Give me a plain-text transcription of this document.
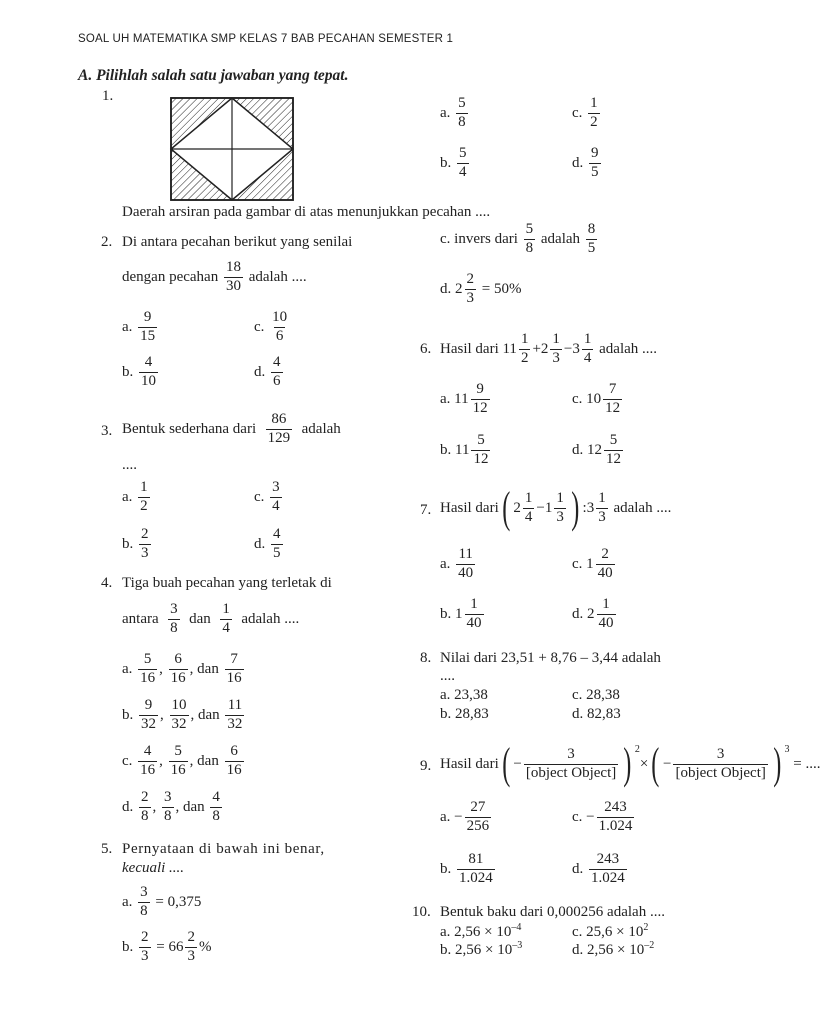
SOAL UH MATEMATIKA SMP KELAS 7 BAB PECAHAN SEMESTER 1
A. Pilihlah salah satu jawaban yang tepat.
1.
Daerah arsiran pada gambar di atas menunjukkan pecahan ....
2. Di antara pecahan berikut yang senilai
dengan pecahan
$\frac{18}{30}$
adalah ....
a.
$\frac{9}{15}$
b.
$\frac{4}{10}$
c.
$\frac{10}{6}$
d.
$\frac{4}{6}$
3. Bentuk sederhana dari
$\frac{86}{129}$
adalah
....
a.
$\frac{1}{2}$
b.
$\frac{2}{3}$
c.
$\frac{3}{4}$
d.
$\frac{4}{5}$
4. Tiga buah pecahan yang terletak di
antara
$\frac{3}{8}$
dan
$\frac{1}{4}$
adalah ....
a.
$\frac{5}{16}$ ,
$\frac{6}{16}$ , dan
$\frac{7}{16}$
b.
$\frac{9}{32}$ ,
$\frac{10}{32}$ , dan
$\frac{11}{32}$
c.
$\frac{4}{16}$ ,
$\frac{5}{16}$ , dan
$\frac{6}{16}$
d.
$\frac{2}{8}$ ,
$\frac{3}{8}$ , dan
$\frac{4}{8}$
5. Pernyataan di bawah ini benar,
kecuali ....
a.
$\frac{3}{8}$
= 0,375
b.
$\frac{2}{3}$
= $66 \frac{2}{3}$ %
a.
$\frac{5}{8}$
b.
$\frac{5}{4}$
c.
$\frac{1}{2}$
d.
$\frac{9}{5}$
c. invers dari
$\frac{5}{8}$
adalah
$\frac{8}{5}$
d.
$2 \frac{2}{3}$
= 50%
6. Hasil dari
$11 \frac{1}{2} + 2 \frac{1}{3} - 3 \frac{1}{4}$
adalah ....
a.
$11 \frac{9}{12}$
b.
$11 \frac{5}{12}$
c.
$10 \frac{7}{12}$
d.
$12 \frac{5}{12}$
7. Hasil dari ( $2 \frac{1}{4} - 1 \frac{1}{3}$ ) : $3 \frac{1}{3}$
adalah ....
a.
$\frac{11}{40}$
b.
$1 \frac{1}{40}$
c.
$1 \frac{2}{40}$
d.
$2 \frac{1}{40}$
8. Nilai dari 23,51 + 8,76 – 3,44 adalah
....
a. 23,38
b. 28,83
c. 28,38
d. 82,83
9. Hasil dari ( − $\frac{3}{\text{[object Object]}}$ ) 2
× ( − $\frac{3}{\text{[object Object]}}$ ) 3

= ....
a.
− $\frac{27}{256}$
b.
$\frac{81}{1.024}$
c.
− $\frac{243}{1.024}$
d.
$\frac{243}{1.024}$
10. Bentuk baku dari 0,000256 adalah ....
a. $2,56 \times 10^{-4}$
b. $2,56 \times 10^{-3}$
c. $25,6 \times 10^2$
d. $2,56 \times 10^{-2}$
